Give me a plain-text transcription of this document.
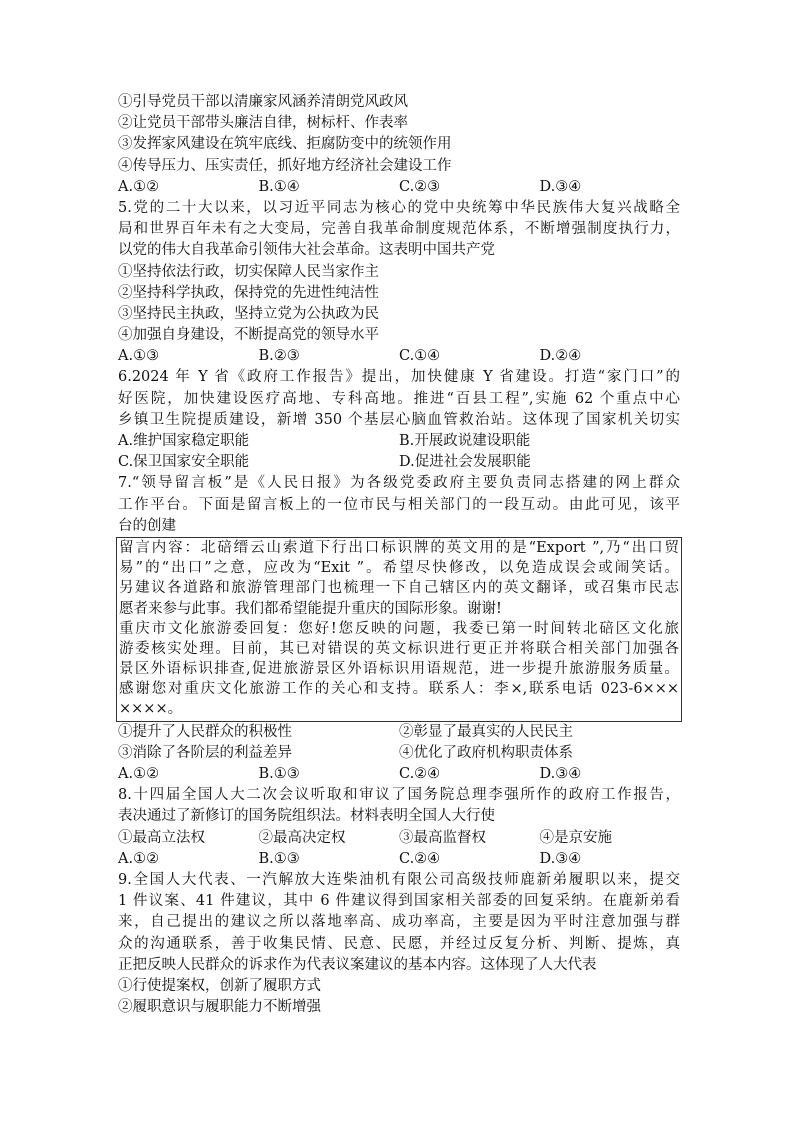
①引导党员干部以清廉家风涵养清朗党风政风
②让党员干部带头廉洁自律，树标杆、作表率
③发挥家风建设在筑牢底线、拒腐防变中的统领作用
④传导压力、压实责任，抓好地方经济社会建设工作
A.①②	B.①④	C.②③	D.③④
5.党的二十大以来，以习近平同志为核心的党中央统筹中华民族伟大复兴战略全
局和世界百年未有之大变局，完善自我革命制度规范体系，不断增强制度执行力，
以党的伟大自我革命引领伟大社会革命。这表明中国共产党
①坚持依法行政，切实保障人民当家作主
②坚持科学执政，保持党的先进性纯洁性
③坚持民主执政，坚持立党为公执政为民
④加强自身建设，不断提高党的领导水平
A.①③	B.②③	C.①④	D.②④
6.2024 年 Y 省《政府工作报告》提出，加快健康 Y 省建设。打造“家门口”的
好医院，加快建设医疗高地、专科高地。推进“百县工程”,实施 62 个重点中心
乡镇卫生院提质建设，新增 350 个基层心脑血管救治站。这体现了国家机关切实
A.维护国家稳定职能	B.开展政说建设职能
C.保卫国家安全职能	D.促进社会发展职能
7.“领导留言板”是《人民日报》为各级党委政府主要负责同志搭建的网上群众
工作平台。下面是留言板上的一位市民与相关部门的一段互动。由此可见，该平
台的创建
留言内容：北碚缙云山索道下行出口标识牌的英文用的是“Export ”,乃“出口贸
易”的“出口”之意，应改为“Exit ”。希望尽快修改，以免造成误会或闹笑话。
另建议各道路和旅游管理部门也梳理一下自己辖区内的英文翻译，或召集市民志
愿者来参与此事。我们都希望能提升重庆的国际形象。谢谢!
重庆市文化旅游委回复：您好!您反映的问题，我委已第一时间转北碚区文化旅
游委核实处理。目前，其已对错误的英文标识进行更正并将联合相关部门加强各
景区外语标识排查,促进旅游景区外语标识用语规范，进一步提升旅游服务质量。
感谢您对重庆文化旅游工作的关心和支持。联系人：李×,联系电话 023-6×××
××××。
①提升了人民群众的积极性	②彰显了最真实的人民民主
③消除了各阶层的利益差异	④优化了政府机构职责体系
A.①②	B.①③	C.②④	D.③④
8.十四届全国人大二次会议听取和审议了国务院总理李强所作的政府工作报告，
表决通过了新修订的国务院组织法。材料表明全国人大行使
①最高立法权	②最高决定权	③最高监督权	④是京安施
A.①②	B.①③	C.②④	D.③④
9.全国人大代表、一汽解放大连柴油机有限公司高级技师鹿新弟履职以来，提交
1 件议案、41 件建议，其中 6 件建议得到国家相关部委的回复采纳。在鹿新弟看
来，自己提出的建议之所以落地率高、成功率高，主要是因为平时注意加强与群
众的沟通联系，善于收集民情、民意、民愿，并经过反复分析、判断、提炼，真
正把反映人民群众的诉求作为代表议案建议的基本内容。这体现了人大代表
①行使提案权，创新了履职方式
②履职意识与履职能力不断增强
